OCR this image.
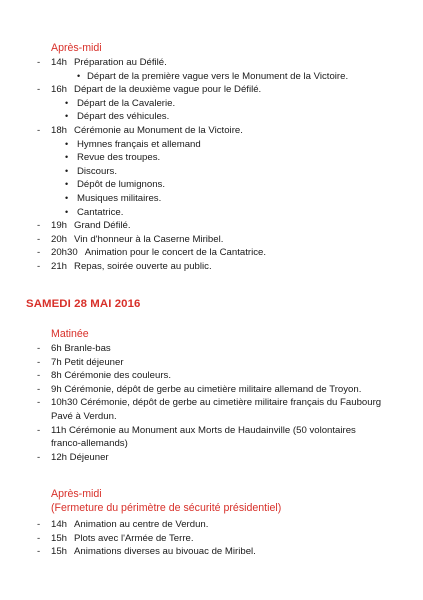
Après-midi
- 14h Préparation au Défilé.
• Départ de la première vague vers le Monument de la Victoire.
- 16h Départ de la deuxième vague pour le Défilé.
• Départ de la Cavalerie.
• Départ des véhicules.
- 18h Cérémonie au Monument de la Victoire.
• Hymnes français et allemand
• Revue des troupes.
• Discours.
• Dépôt de lumignons.
• Musiques militaires.
• Cantatrice.
- 19h Grand Défilé.
- 20h Vin d'honneur à la Caserne Miribel.
- 20h30 Animation pour le concert de la Cantatrice.
- 21h Repas, soirée ouverte au public.
SAMEDI 28 MAI 2016
Matinée
- 6h Branle-bas
- 7h Petit déjeuner
- 8h Cérémonie des couleurs.
- 9h Cérémonie, dépôt de gerbe au cimetière militaire allemand de Troyon.
- 10h30 Cérémonie, dépôt de gerbe au cimetière militaire français du Faubourg
Pavé à Verdun.
- 11h Cérémonie au Monument aux Morts de Haudainville (50 volontaires
franco-allemands)
- 12h Déjeuner
Après-midi
(Fermeture du périmètre de sécurité présidentiel)
- 14h Animation au centre de Verdun.
- 15h Plots avec l'Armée de Terre.
- 15h Animations diverses au bivouac de Miribel.
